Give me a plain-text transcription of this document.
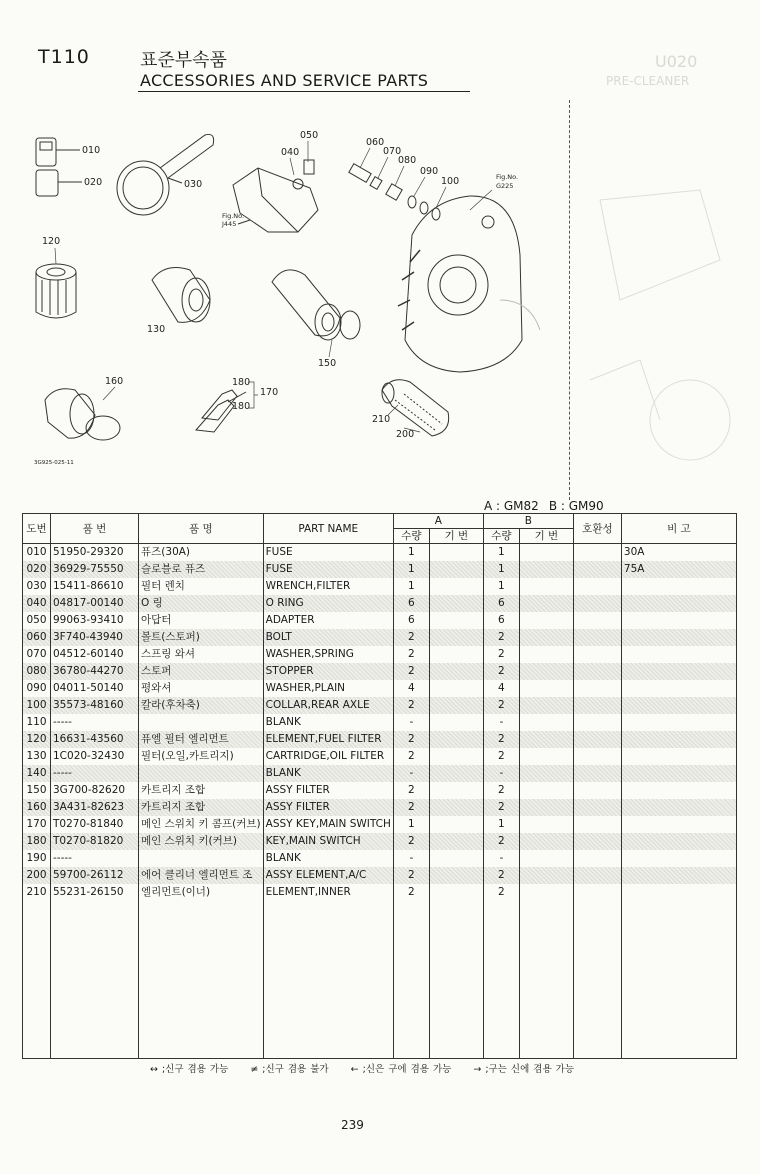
U020
PRE-CLEANER
T110	표준부속품
ACCESSORIES AND SERVICE PARTS
010
020	030
040
050
060
070
080
090
100
120
130
150
160
170
180
180
200
210
Fig.No.
J445
Fig.No.
G225
3G925-025-11
A : GM82 B : GM90
도번	품 번	품 명	PART NAME	A		B		호환성	비 고
				수량	기 번	수량	기 번		
010	51950-29320	퓨즈(30A)	FUSE	1		1			30A
020	36929-75550	슬로블로 퓨즈	FUSE	1		1			75A
030	15411-86610	필터 렌치	WRENCH,FILTER	1		1			
040	04817-00140	O 링	O RING	6		6			
050	99063-93410	아답터	ADAPTER	6		6			
060	3F740-43940	볼트(스토퍼)	BOLT	2		2			
070	04512-60140	스프링 와셔	WASHER,SPRING	2		2			
080	36780-44270	스토퍼	STOPPER	2		2			
090	04011-50140	평와셔	WASHER,PLAIN	4		4			
100	35573-48160	칼라(후차축)	COLLAR,REAR AXLE	2		2			
110	-----		BLANK	-		-			
120	16631-43560	퓨엘 필터 엘리먼트	ELEMENT,FUEL FILTER	2		2			
130	1C020-32430	필터(오일,카트리지)	CARTRIDGE,OIL FILTER	2		2			
140	-----		BLANK	-		-			
150	3G700-82620	카트리지 조합	ASSY FILTER	2		2			
160	3A431-82623	카트리지 조합	ASSY FILTER	2		2			
170	T0270-81840	메인 스위치 키 콤프(커브)	ASSY KEY,MAIN SWITCH	1		1			
180	T0270-81820	메인 스위치 키(커브)	KEY,MAIN SWITCH	2		2			
190	-----		BLANK	-		-			
200	59700-26112	에어 클리너 엘리먼트 조	ASSY ELEMENT,A/C	2		2			
210	55231-26150	엘리먼트(이너)	ELEMENT,INNER	2		2			

↔ ;신구 겸용 가능 ≠ ;신구 겸용 불가 ← ;신은 구에 겸용 가능 → ;구는 신에 겸용 가능
239
